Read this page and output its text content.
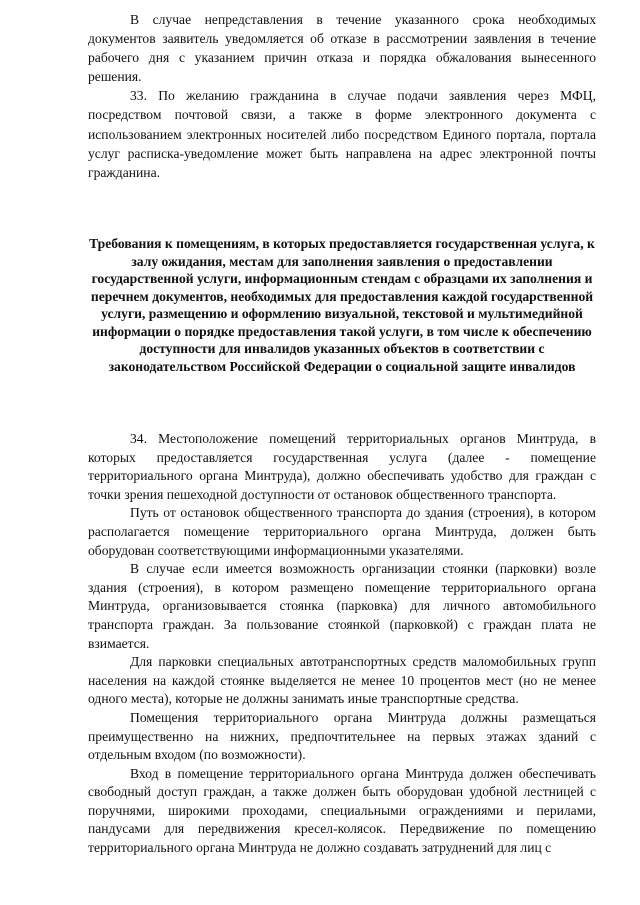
В случае непредставления в течение указанного срока необходимых документов заявитель уведомляется об отказе в рассмотрении заявления в течение рабочего дня с указанием причин отказа и порядка обжалования вынесенного решения.

33. По желанию гражданина в случае подачи заявления через МФЦ, посредством почтовой связи, а также в форме электронного документа с использованием электронных носителей либо посредством Единого портала, портала услуг расписка-уведомление может быть направлена на адрес электронной почты гражданина.

Требования к помещениям, в которых предоставляется государственная услуга, к залу ожидания, местам для заполнения заявления о предоставлении государственной услуги, информационным стендам с образцами их заполнения и перечнем документов, необходимых для предоставления каждой государственной услуги, размещению и оформлению визуальной, текстовой и мультимедийной информации о порядке предоставления такой услуги, в том числе к обеспечению доступности для инвалидов указанных объектов в соответствии с законодательством Российской Федерации о социальной защите инвалидов

34. Местоположение помещений территориальных органов Минтруда, в которых предоставляется государственная услуга (далее - помещение территориального органа Минтруда), должно обеспечивать удобство для граждан с точки зрения пешеходной доступности от остановок общественного транспорта.

Путь от остановок общественного транспорта до здания (строения), в котором располагается помещение территориального органа Минтруда, должен быть оборудован соответствующими информационными указателями.

В случае если имеется возможность организации стоянки (парковки) возле здания (строения), в котором размещено помещение территориального органа Минтруда, организовывается стоянка (парковка) для личного автомобильного транспорта граждан. За пользование стоянкой (парковкой) с граждан плата не взимается.

Для парковки специальных автотранспортных средств маломобильных групп населения на каждой стоянке выделяется не менее 10 процентов мест (но не менее одного места), которые не должны занимать иные транспортные средства.

Помещения территориального органа Минтруда должны размещаться преимущественно на нижних, предпочтительнее на первых этажах зданий с отдельным входом (по возможности).

Вход в помещение территориального органа Минтруда должен обеспечивать свободный доступ граждан, а также должен быть оборудован удобной лестницей с поручнями, широкими проходами, специальными ограждениями и перилами, пандусами для передвижения кресел-колясок. Передвижение по помещению территориального органа Минтруда не должно создавать затруднений для лиц с
